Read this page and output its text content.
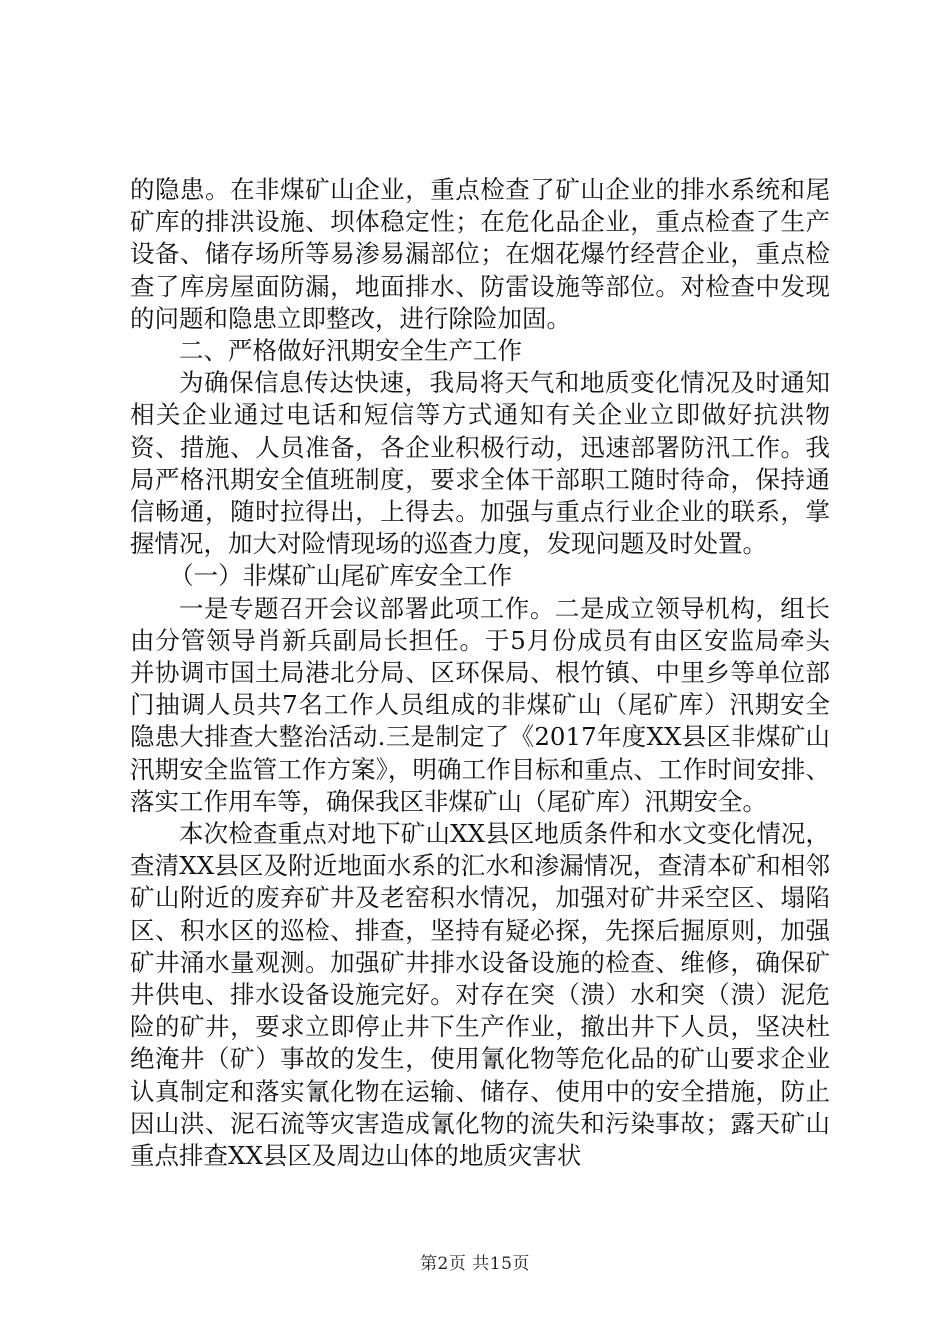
的隐患。在非煤矿山企业，重点检查了矿山企业的排水系统和尾矿库的排洪设施、坝体稳定性；在危化品企业，重点检查了生产设备、储存场所等易渗易漏部位；在烟花爆竹经营企业，重点检查了库房屋面防漏，地面排水、防雷设施等部位。对检查中发现的问题和隐患立即整改，进行除险加固。

二、严格做好汛期安全生产工作

为确保信息传达快速，我局将天气和地质变化情况及时通知相关企业通过电话和短信等方式通知有关企业立即做好抗洪物资、措施、人员准备，各企业积极行动，迅速部署防汛工作。我局严格汛期安全值班制度，要求全体干部职工随时待命，保持通信畅通，随时拉得出，上得去。加强与重点行业企业的联系，掌握情况，加大对险情现场的巡查力度，发现问题及时处置。

（一）非煤矿山尾矿库安全工作

一是专题召开会议部署此项工作。二是成立领导机构，组长由分管领导肖新兵副局长担任。于5月份成员有由区安监局牵头并协调市国土局港北分局、区环保局、根竹镇、中里乡等单位部门抽调人员共7名工作人员组成的非煤矿山（尾矿库）汛期安全隐患大排查大整治活动.三是制定了《2017年度XX县区非煤矿山汛期安全监管工作方案》，明确工作目标和重点、工作时间安排、落实工作用车等，确保我区非煤矿山（尾矿库）汛期安全。

本次检查重点对地下矿山XX县区地质条件和水文变化情况，查清XX县区及附近地面水系的汇水和渗漏情况，查清本矿和相邻矿山附近的废弃矿井及老窑积水情况，加强对矿井采空区、塌陷区、积水区的巡检、排查，坚持有疑必探，先探后掘原则，加强矿井涌水量观测。加强矿井排水设备设施的检查、维修，确保矿井供电、排水设备设施完好。对存在突（溃）水和突（溃）泥危险的矿井，要求立即停止井下生产作业，撤出井下人员，坚决杜绝淹井（矿）事故的发生，使用氰化物等危化品的矿山要求企业认真制定和落实氰化物在运输、储存、使用中的安全措施，防止因山洪、泥石流等灾害造成氰化物的流失和污染事故；露天矿山重点排查XX县区及周边山体的地质灾害状

第2页 共15页
